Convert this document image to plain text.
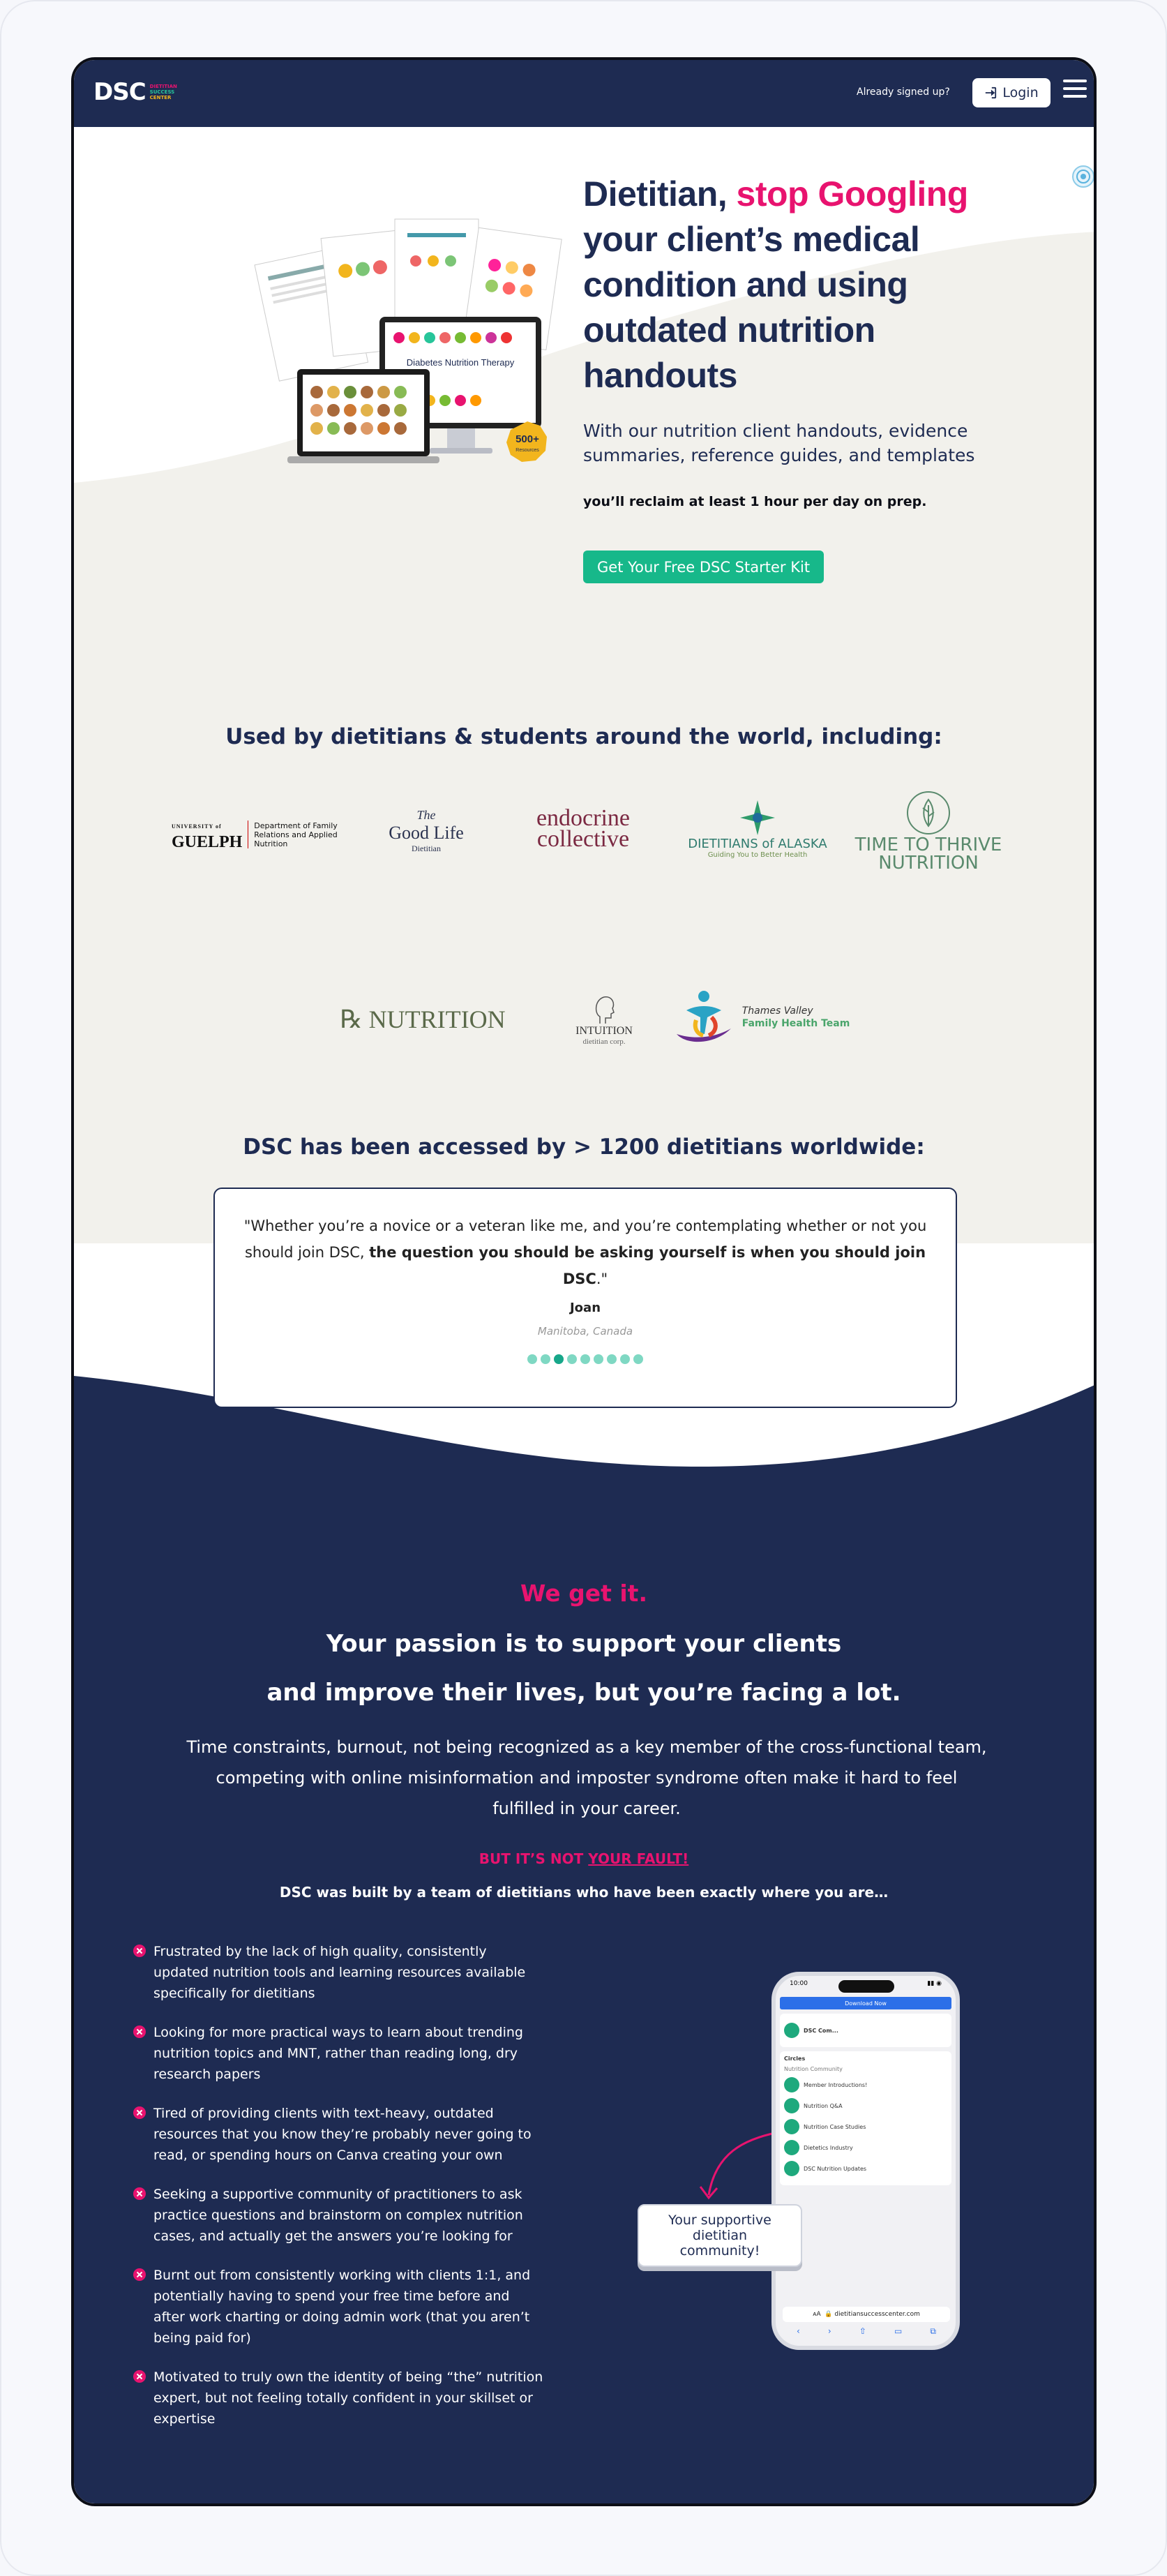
DSC DIETITIAN
SUCCESS
CENTER	Already signed up?	Login
Diabetes Nutrition Therapy
500+
Resources
Dietitian, stop Googling your client’s medical condition and using outdated nutrition handouts
With our nutrition client handouts, evidence summaries, reference guides, and templates
you’ll reclaim at least 1 hour per day on prep.
Get Your Free DSC Starter Kit
Used by dietitians & students around the world, including:
UNIVERSITY of
GUELPH
Department of Family Relations and Applied Nutrition
The
Good Life
Dietitian
endocrine
collective	DIETITIANS of ALASKA
Guiding You to Better Health	TIME TO THRIVE
NUTRITION
℞
NUTRITION	INTUITION
dietitian corp.
Thames Valley
Family Health Team
DSC has been accessed by > 1200 dietitians worldwide:

"Whether you’re a novice or a veteran like me, and you’re contemplating whether or not you should join DSC, the question you should be asking yourself is when you should join DSC."

Joan
Manitoba, Canada
We get it.
Your passion is to support your clients
and improve their lives, but you’re facing a lot.
Time constraints, burnout, not being recognized as a key member of the cross-functional team, competing with online misinformation and imposter syndrome often make it hard to feel fulfilled in your career.
BUT IT’S NOT YOUR FAULT!
DSC was built by a team of dietitians who have been exactly where you are…
Frustrated by the lack of high quality, consistently updated nutrition tools and learning resources available specifically for dietitians
Looking for more practical ways to learn about trending nutrition topics and MNT, rather than reading long, dry research papers
Tired of providing clients with text-heavy, outdated resources that you know they’re probably never going to read, or spending hours on Canva creating your own
Seeking a supportive community of practitioners to ask practice questions and brainstorm on complex nutrition cases, and actually get the answers you’re looking for
Burnt out from consistently working with clients 1:1, and potentially having to spend your free time before and after work charting or doing admin work (that you aren’t being paid for)
Motivated to truly own the identity of being “the” nutrition expert, but not feeling totally confident in your skillset or expertise
10:00	▮▮ ◉
Download Now
DSC Com...
Circles
Nutrition Community
Member Introductions!
Nutrition Q&A
Nutrition Case Studies
Dietetics Industry
DSC Nutrition Updates
ᴀA  🔒 dietitiansuccesscenter.com
‹	›	⇧	▭	⧉
Your supportive dietitian community!
